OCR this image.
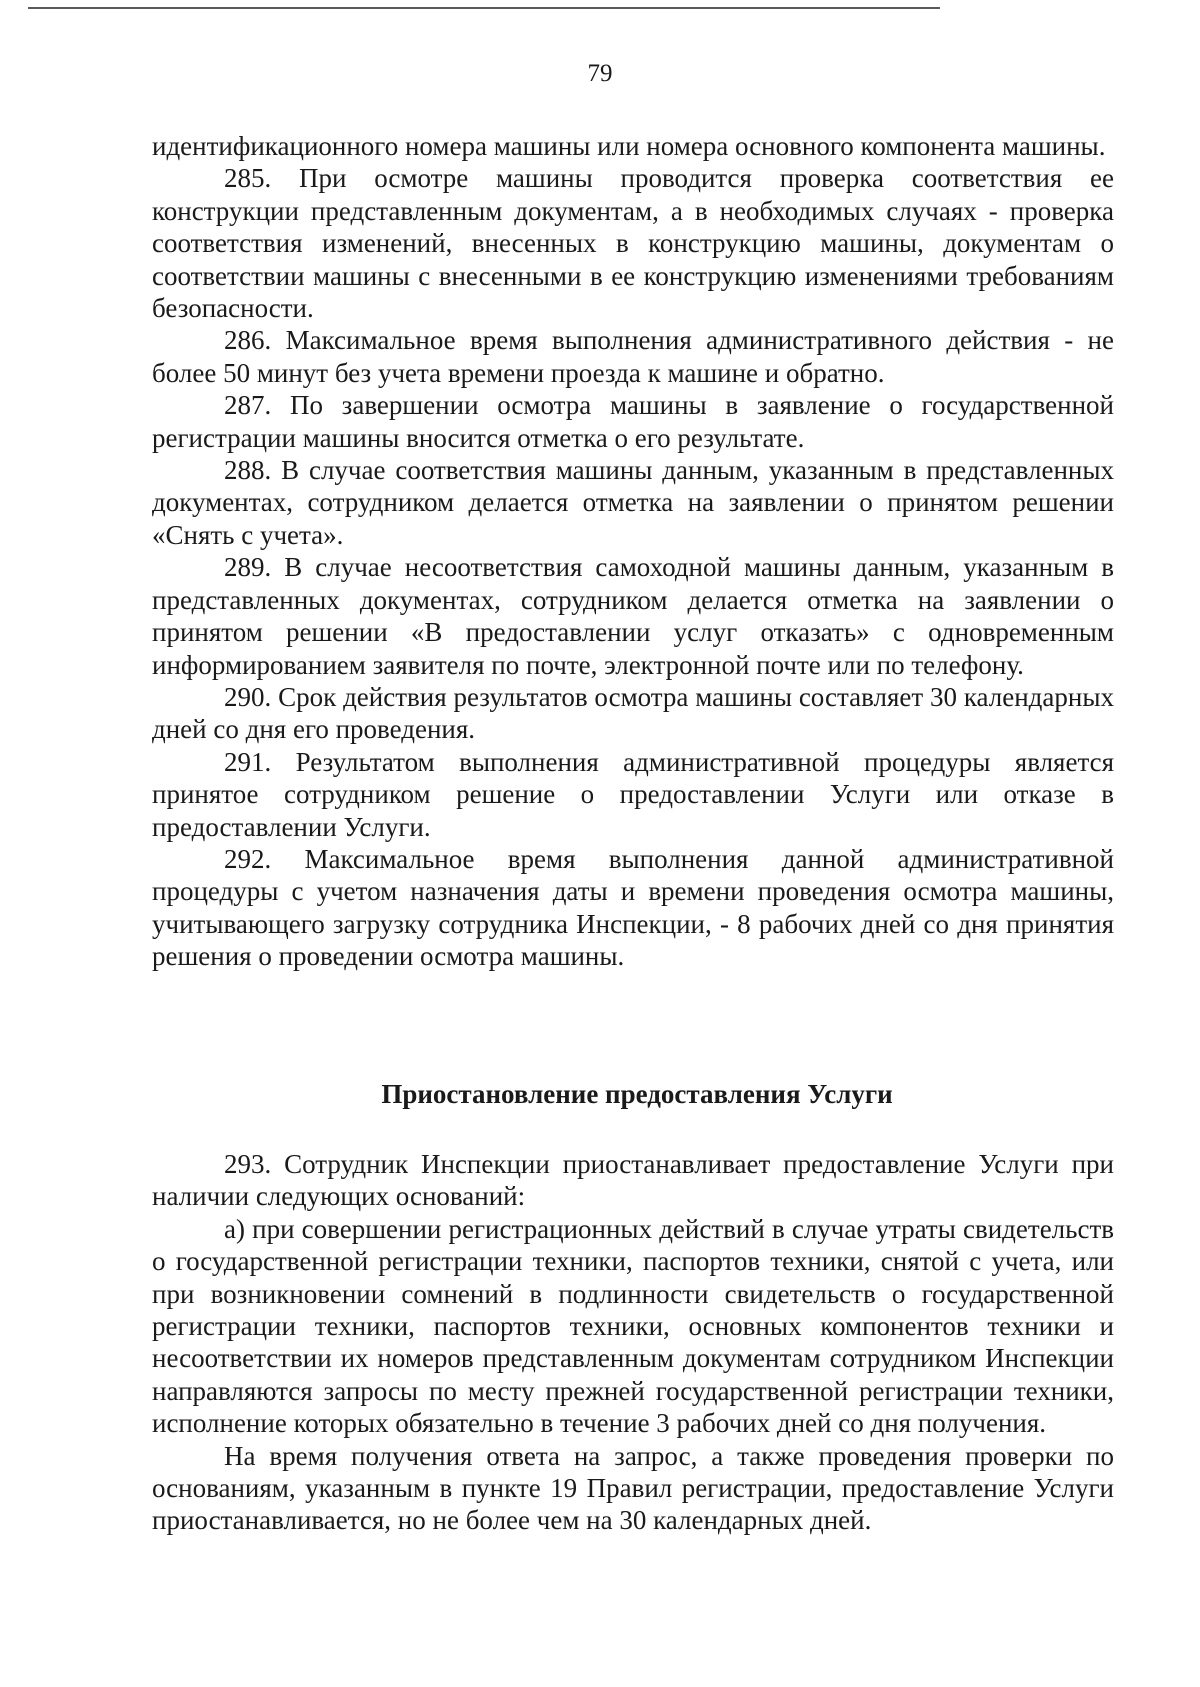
79

идентификационного номера машины или номера основного компонента машины.

285. При осмотре машины проводится проверка соответствия ее конструкции представленным документам, а в необходимых случаях - проверка соответствия изменений, внесенных в конструкцию машины, документам о соответствии машины с внесенными в ее конструкцию изменениями требованиям безопасности.

286. Максимальное время выполнения административного действия - не более 50 минут без учета времени проезда к машине и обратно.

287. По завершении осмотра машины в заявление о государственной регистрации машины вносится отметка о его результате.

288. В случае соответствия машины данным, указанным в представленных документах, сотрудником делается отметка на заявлении о принятом решении «Снять с учета».

289. В случае несоответствия самоходной машины данным, указанным в представленных документах, сотрудником делается отметка на заявлении о принятом решении «В предоставлении услуг отказать» с одновременным информированием заявителя по почте, электронной почте или по телефону.

290. Срок действия результатов осмотра машины составляет 30 календарных дней со дня его проведения.

291. Результатом выполнения административной процедуры является принятое сотрудником решение о предоставлении Услуги или отказе в предоставлении Услуги.

292. Максимальное время выполнения данной административной процедуры с учетом назначения даты и времени проведения осмотра машины, учитывающего загрузку сотрудника Инспекции, - 8 рабочих дней со дня принятия решения о проведении осмотра машины.

Приостановление предоставления Услуги

293. Сотрудник Инспекции приостанавливает предоставление Услуги при наличии следующих оснований:

а) при совершении регистрационных действий в случае утраты свидетельств о государственной регистрации техники, паспортов техники, снятой с учета, или при возникновении сомнений в подлинности свидетельств о государственной регистрации техники, паспортов техники, основных компонентов техники и несоответствии их номеров представленным документам сотрудником Инспекции направляются запросы по месту прежней государственной регистрации техники, исполнение которых обязательно в течение 3 рабочих дней со дня получения.

На время получения ответа на запрос, а также проведения проверки по основаниям, указанным в пункте 19 Правил регистрации, предоставление Услуги приостанавливается, но не более чем на 30 календарных дней.
